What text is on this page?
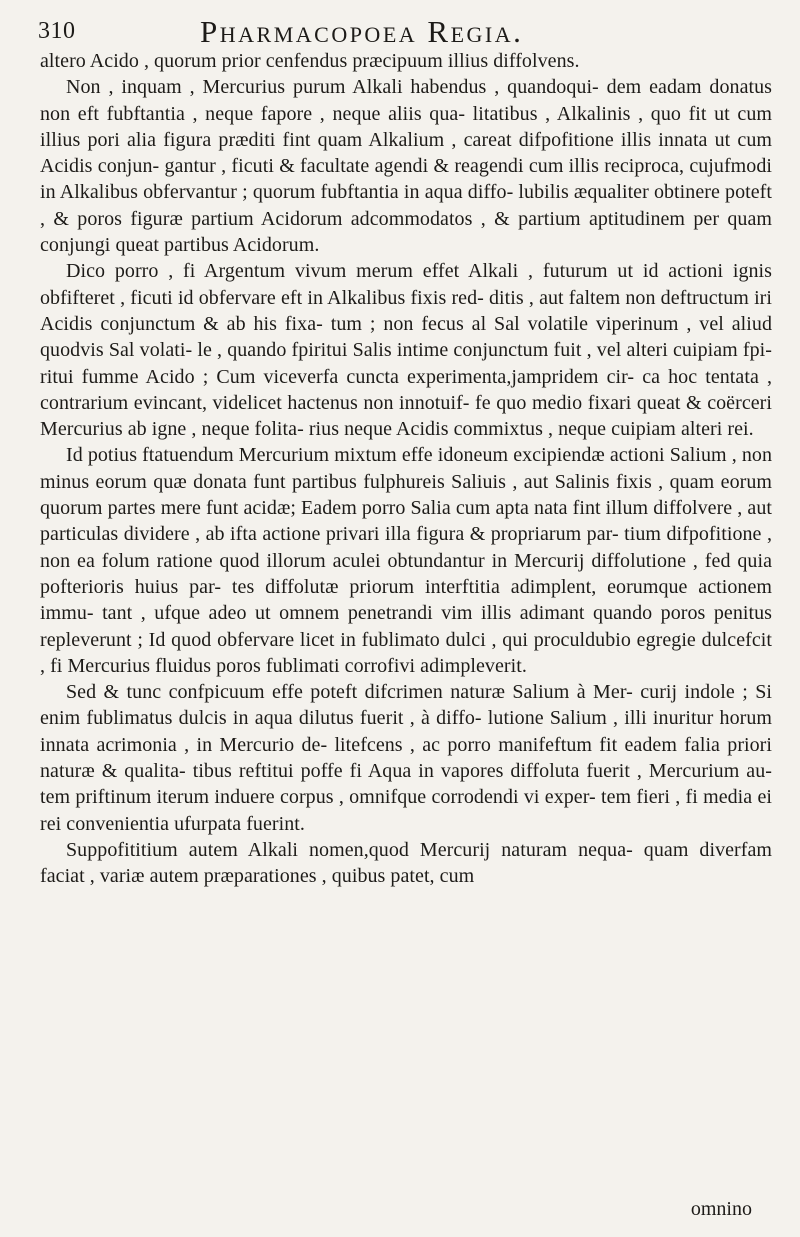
310	Pharmacopoea Regia.

altero Acido , quorum prior cenfendus præcipuum illius diffolvens.

Non , inquam , Mercurius purum Alkali habendus , quandoqui- dem eadam donatus non eft fubftantia , neque fapore , neque aliis qua- litatibus , Alkalinis , quo fit ut cum illius pori alia figura præditi fint quam Alkalium , careat difpofitione illis innata ut cum Acidis conjun- gantur , ficuti & facultate agendi & reagendi cum illis reciproca, cujufmodi in Alkalibus obfervantur ; quorum fubftantia in aqua diffo- lubilis æqualiter obtinere poteft , & poros figuræ partium Acidorum adcommodatos , & partium aptitudinem per quam conjungi queat partibus Acidorum.

Dico porro , fi Argentum vivum merum effet Alkali , futurum ut id actioni ignis obfifteret , ficuti id obfervare eft in Alkalibus fixis red- ditis , aut faltem non deftructum iri Acidis conjunctum & ab his fixa- tum ; non fecus al Sal volatile viperinum , vel aliud quodvis Sal volati- le , quando fpiritui Salis intime conjunctum fuit , vel alteri cuipiam fpi- ritui fumme Acido ; Cum viceverfa cuncta experimenta,jampridem cir- ca hoc tentata , contrarium evincant, videlicet hactenus non innotuif- fe quo medio fixari queat & coërceri Mercurius ab igne , neque folita- rius neque Acidis commixtus , neque cuipiam alteri rei.

Id potius ftatuendum Mercurium mixtum effe idoneum excipiendæ actioni Salium , non minus eorum quæ donata funt partibus fulphureis Saliuis , aut Salinis fixis , quam eorum quorum partes mere funt acidæ; Eadem porro Salia cum apta nata fint illum diffolvere , aut particulas dividere , ab ifta actione privari illa figura & propriarum par- tium difpofitione , non ea folum ratione quod illorum aculei obtundantur in Mercurij diffolutione , fed quia pofterioris huius par- tes diffolutæ priorum interftitia adimplent, eorumque actionem immu- tant , ufque adeo ut omnem penetrandi vim illis adimant quando poros penitus repleverunt ; Id quod obfervare licet in fublimato dulci , qui proculdubio egregie dulcefcit , fi Mercurius fluidus poros fublimati corrofivi adimpleverit.

Sed & tunc confpicuum effe poteft difcrimen naturæ Salium à Mer- curij indole ; Si enim fublimatus dulcis in aqua dilutus fuerit , à diffo- lutione Salium , illi inuritur horum innata acrimonia , in Mercurio de- litefcens , ac porro manifeftum fit eadem falia priori naturæ & qualita- tibus reftitui poffe fi Aqua in vapores diffoluta fuerit , Mercurium au- tem priftinum iterum induere corpus , omnifque corrodendi vi exper- tem fieri , fi media ei rei convenientia ufurpata fuerint.

Suppofititium autem Alkali nomen,quod Mercurij naturam nequa- quam diverfam faciat , variæ autem præparationes , quibus patet, cum

omnino
